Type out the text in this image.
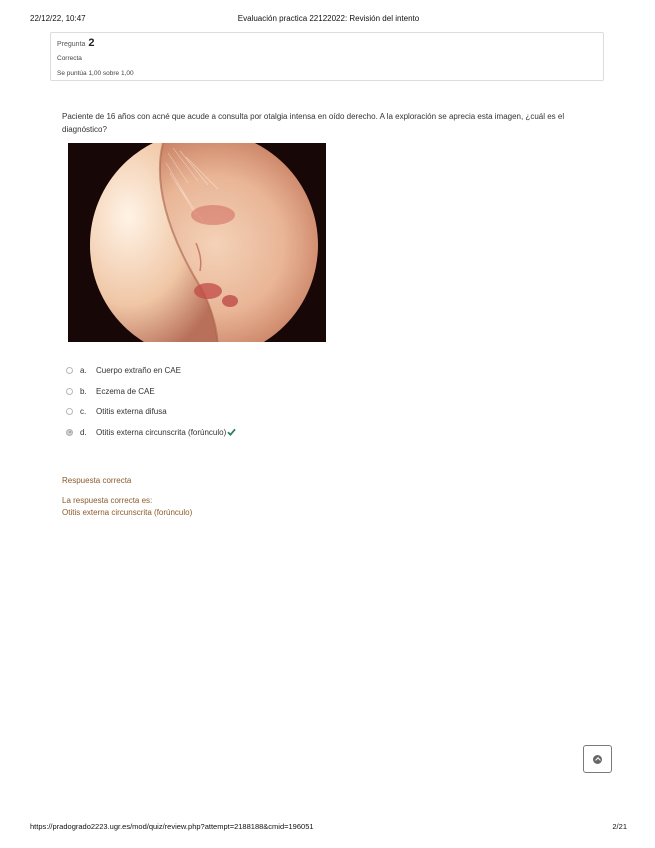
22/12/22, 10:47	Evaluación practica 22122022: Revisión del intento
Pregunta 2
Correcta
Se puntúa 1,00 sobre 1,00
Paciente de 16 años con acné que acude a consulta por otalgia intensa en oído derecho. A la exploración se aprecia esta imagen, ¿cuál es el diagnóstico?
a. Cuerpo extraño en CAE
b. Eczema de CAE
c. Otitis externa difusa
d. Otitis externa circunscrita (forúnculo)
Respuesta correcta
La respuesta correcta es:
Otitis externa circunscrita (forúnculo)
https://pradogrado2223.ugr.es/mod/quiz/review.php?attempt=2188188&cmid=196051	2/21
